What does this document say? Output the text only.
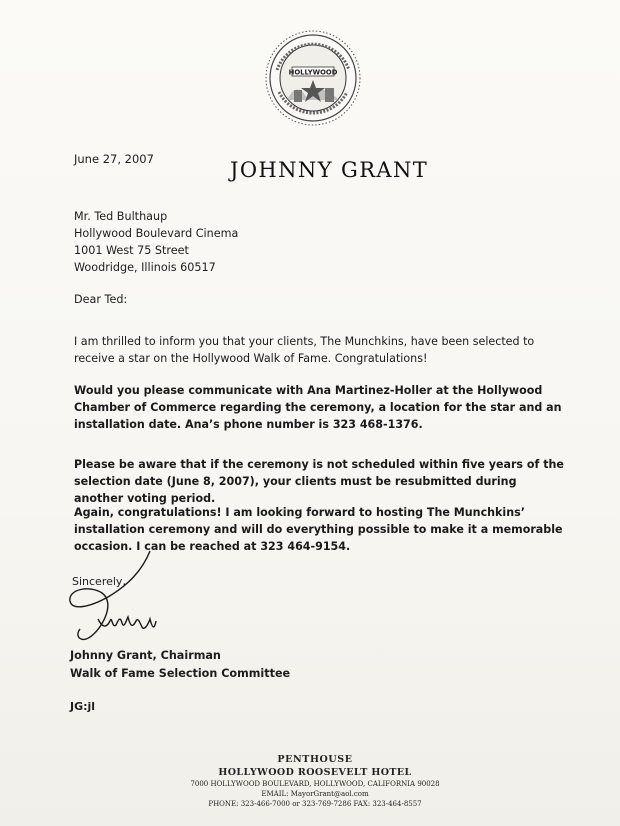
HOLLYWOOD
JOHNNY GRANT
June 27, 2007
Mr. Ted Bulthaup
Hollywood Boulevard Cinema
1001 West 75 Street
Woodridge, Illinois 60517
Dear Ted:
I am thrilled to inform you that your clients, The Munchkins, have been selected to receive a star on the Hollywood Walk of Fame. Congratulations!
Would you please communicate with Ana Martinez-Holler at the Hollywood Chamber of Commerce regarding the ceremony, a location for the star and an installation date. Ana’s phone number is 323 468-1376.
Please be aware that if the ceremony is not scheduled within five years of the selection date (June 8, 2007), your clients must be resubmitted during another voting period.
Again, congratulations! I am looking forward to hosting The Munchkins’ installation ceremony and will do everything possible to make it a memorable occasion. I can be reached at 323 464-9154.
Sincerely,
Johnny Grant, Chairman
Walk of Fame Selection Committee
JG:jl
PENTHOUSE
HOLLYWOOD ROOSEVELT HOTEL
7000 HOLLYWOOD BOULEVARD, HOLLYWOOD, CALIFORNIA 90028
EMAIL: MayorGrant@aol.com
PHONE: 323-466-7000 or 323-769-7286 FAX: 323-464-8557
